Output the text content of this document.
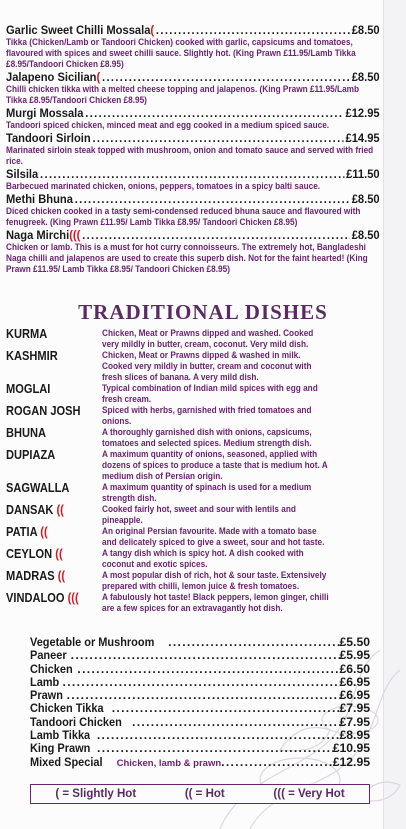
Garlic Sweet Chilli Mossala ( .....	£8.50
Tikka (Chicken/Lamb or Tandoori Chicken) cooked with garlic, capsicums and tomatoes, flavoured with spices and sweet chilli sauce. Slightly hot. (King Prawn £11.95/Lamb Tikka £8.95/Tandoori Chicken £8.95)
Jalapeno Sicilian ( .....	£8.50
Chilli chicken tikka with a melted cheese topping and jalapenos. (King Prawn £11.95/Lamb Tikka £8.95/Tandoori Chicken £8.95)
Murgi Mossala .....	£12.95
Tandoori spiced chicken, minced meat and egg cooked in a medium spiced sauce.
Tandoori Sirloin .....	£14.95
Marinated sirloin steak topped with mushroom, onion and tomato sauce and served with fried rice.
Silsila .....	£11.50
Barbecued marinated chicken, onions, peppers, tomatoes in a spicy balti sauce.
Methi Bhuna .....	£8.50
Diced chicken cooked in a tasty semi-condensed reduced bhuna sauce and flavoured with fenugreek. (King Prawn £11.95/ Lamb Tikka £8.95/ Tandoori Chicken £8.95)
Naga Mirchi ((( .....	£8.50
Chicken or lamb. This is a must for hot curry connoisseurs. The extremely hot, Bangladeshi Naga chilli and jalapenos are used to create this superb dish. Not for the faint hearted! (King Prawn £11.95/ Lamb Tikka £8.95/ Tandoori Chicken £8.95)
TRADITIONAL DISHES
KURMA	Chicken, Meat or Prawns dipped and washed. Cooked very mildly in butter, cream, coconut. Very mild dish.
KASHMIR	Chicken, Meat or Prawns dipped & washed in milk. Cooked very mildly in butter, cream and coconut with fresh slices of banana. A very mild dish.
MOGLAI	Typical combination of Indian mild spices with egg and fresh cream.
ROGAN JOSH	Spiced with herbs, garnished with fried tomatoes and onions.
BHUNA	A thoroughly garnished dish with onions, capsicums, tomatoes and selected spices. Medium strength dish.
DUPIAZA	A maximum quantity of onions, seasoned, applied with dozens of spices to produce a taste that is medium hot. A medium dish of Persian origin.
SAGWALLA	A maximum quantity of spinach is used for a medium strength dish.
DANSAK ((	Cooked fairly hot, sweet and sour with lentils and pineapple.
PATIA ((	An original Persian favourite. Made with a tomato base and delicately spiced to give a sweet, sour and hot taste.
CEYLON ((	A tangy dish which is spicy hot. A dish cooked with coconut and exotic spices.
MADRAS ((	A most popular dish of rich, hot & sour taste. Extensively prepared with chilli, lemon juice & fresh tomatoes.
VINDALOO (((	A fabulously hot taste! Black peppers, lemon ginger, chilli are a few spices for an extravagantly hot dish.
Vegetable or Mushroom .....	£5.50
Paneer .....	£5.95
Chicken .....	£6.50
Lamb .....	£6.95
Prawn .....	£6.95
Chicken Tikka .....	£7.95
Tandoori Chicken .....	£7.95
Lamb Tikka .....	£8.95
King Prawn .....	£10.95
Mixed Special Chicken, lamb & prawn .....	£12.95
( = Slightly Hot	(( = Hot	((( = Very Hot
